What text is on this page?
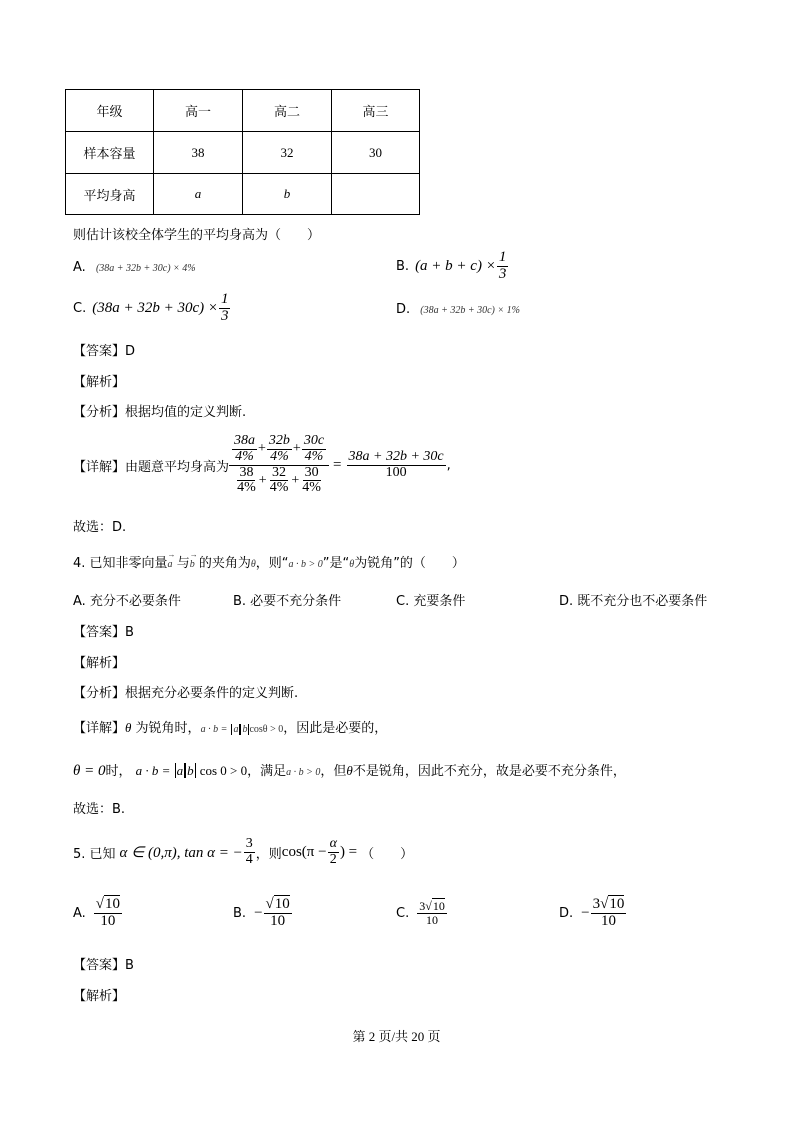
年级	高一	高二	高三
样本容量	38	32	30
平均身高	a	b	
则估计该校全体学生的平均身高为（　　）
A. (38a + 32b + 30c) × 4%	B. $(a + b + c) \times \frac{1}{3}$
C. $(38a + 32b + 30c) \times \frac{1}{3}$	D. (38a + 32b + 30c) × 1%
【答案】D
【解析】
【分析】根据均值的定义判断.
【详解】由题意平均身高为 $\frac{\frac{38a}{4\%} + \frac{32b}{4\%} + \frac{30c}{4\%}}{\frac{38}{4\%} + \frac{32}{4\%} + \frac{30}{4\%}} = \frac{38a + 32b + 30c}{100}$ ,
故选：D.
4. 已知非零向量→ a 与→ b 的夹角为θ，则“a · b > 0”是“θ为锐角”的（　　）
A. 充分不必要条件	B. 必要不充分条件	C. 充要条件	D. 既不充分也不必要条件
【答案】B
【解析】
【分析】根据充分必要条件的定义判断.
【详解】θ 为锐角时，a · b = a b cosθ > 0，因此是必要的，
θ = 0时， a · b = a b cos 0 > 0，满足a · b > 0，但θ不是锐角，因此不充分，故是必要不充分条件，
故选：B.
5. 已知 α ∈ (0,π), tan α = − $\frac{3}{4}$ ，则 $\cos(\pi - \frac{\alpha}{2}$ ) = （　　）
A. $\frac{√10}{10}$	B. − $\frac{√10}{10}$	C. $\frac{3√10}{10}$	D. − $\frac{3√10}{10}$
【答案】B
【解析】
第 2 页/共 20 页
